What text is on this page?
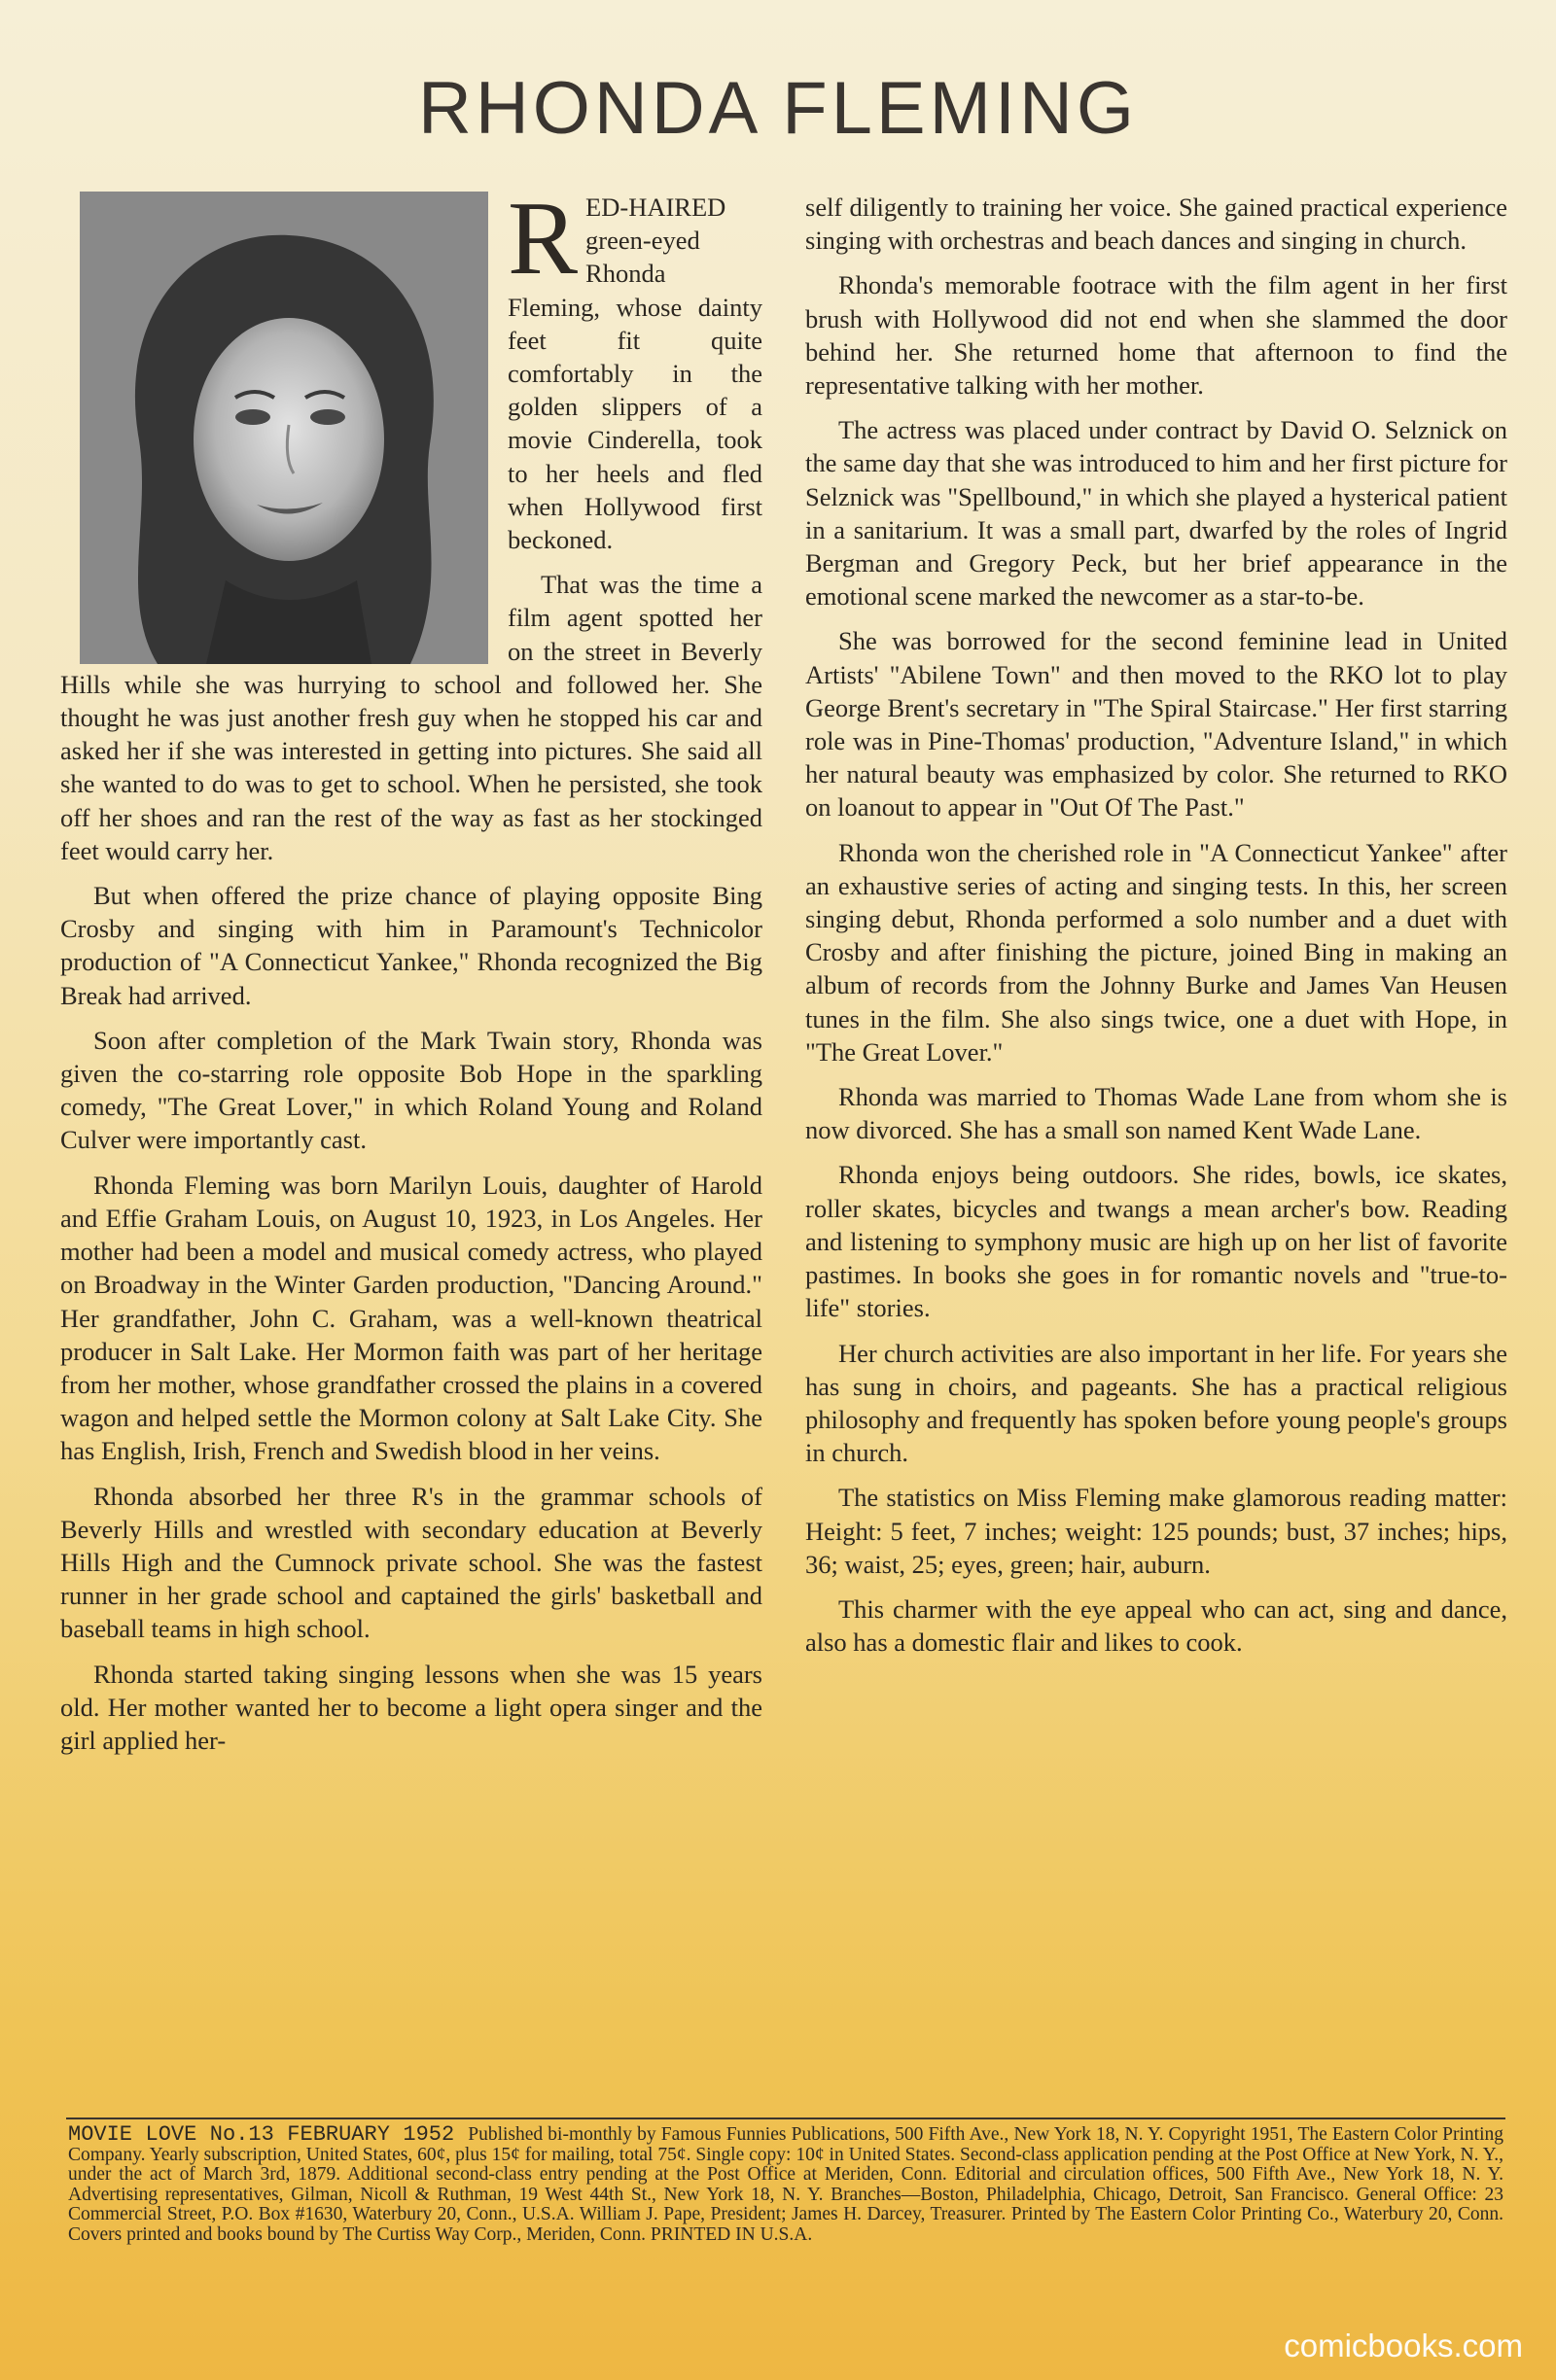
RHONDA FLEMING

RED-HAIRED green-eyed Rhonda Fleming, whose dainty feet fit quite comfortably in the golden slippers of a movie Cinderella, took to her heels and fled when Hollywood first beckoned.

That was the time a film agent spotted her on the street in Beverly Hills while she was hurrying to school and followed her. She thought he was just another fresh guy when he stopped his car and asked her if she was interested in getting into pictures. She said all she wanted to do was to get to school. When he persisted, she took off her shoes and ran the rest of the way as fast as her stockinged feet would carry her.

But when offered the prize chance of playing opposite Bing Crosby and singing with him in Paramount's Technicolor production of "A Connecticut Yankee," Rhonda recognized the Big Break had arrived.

Soon after completion of the Mark Twain story, Rhonda was given the co-starring role opposite Bob Hope in the sparkling comedy, "The Great Lover," in which Roland Young and Roland Culver were importantly cast.

Rhonda Fleming was born Marilyn Louis, daughter of Harold and Effie Graham Louis, on August 10, 1923, in Los Angeles. Her mother had been a model and musical comedy actress, who played on Broadway in the Winter Garden production, "Dancing Around." Her grandfather, John C. Graham, was a well-known theatrical producer in Salt Lake. Her Mormon faith was part of her heritage from her mother, whose grandfather crossed the plains in a covered wagon and helped settle the Mormon colony at Salt Lake City. She has English, Irish, French and Swedish blood in her veins.

Rhonda absorbed her three R's in the grammar schools of Beverly Hills and wrestled with secondary education at Beverly Hills High and the Cumnock private school. She was the fastest runner in her grade school and captained the girls' basketball and baseball teams in high school.

Rhonda started taking singing lessons when she was 15 years old. Her mother wanted her to become a light opera singer and the girl applied her-

self diligently to training her voice. She gained practical experience singing with orchestras and beach dances and singing in church.

Rhonda's memorable footrace with the film agent in her first brush with Hollywood did not end when she slammed the door behind her. She returned home that afternoon to find the representative talking with her mother.

The actress was placed under contract by David O. Selznick on the same day that she was introduced to him and her first picture for Selznick was "Spellbound," in which she played a hysterical patient in a sanitarium. It was a small part, dwarfed by the roles of Ingrid Bergman and Gregory Peck, but her brief appearance in the emotional scene marked the newcomer as a star-to-be.

She was borrowed for the second feminine lead in United Artists' "Abilene Town" and then moved to the RKO lot to play George Brent's secretary in "The Spiral Staircase." Her first starring role was in Pine-Thomas' production, "Adventure Island," in which her natural beauty was emphasized by color. She returned to RKO on loanout to appear in "Out Of The Past."

Rhonda won the cherished role in "A Connecticut Yankee" after an exhaustive series of acting and singing tests. In this, her screen singing debut, Rhonda performed a solo number and a duet with Crosby and after finishing the picture, joined Bing in making an album of records from the Johnny Burke and James Van Heusen tunes in the film. She also sings twice, one a duet with Hope, in "The Great Lover."

Rhonda was married to Thomas Wade Lane from whom she is now divorced. She has a small son named Kent Wade Lane.

Rhonda enjoys being outdoors. She rides, bowls, ice skates, roller skates, bicycles and twangs a mean archer's bow. Reading and listening to symphony music are high up on her list of favorite pastimes. In books she goes in for romantic novels and "true-to-life" stories.

Her church activities are also important in her life. For years she has sung in choirs, and pageants. She has a practical religious philosophy and frequently has spoken before young people's groups in church.

The statistics on Miss Fleming make glamorous reading matter: Height: 5 feet, 7 inches; weight: 125 pounds; bust, 37 inches; hips, 36; waist, 25; eyes, green; hair, auburn.

This charmer with the eye appeal who can act, sing and dance, also has a domestic flair and likes to cook.

MOVIE LOVE No.13 FEBRUARY 1952 Published bi-monthly by Famous Funnies Publications, 500 Fifth Ave., New York 18, N. Y. Copyright 1951, The Eastern Color Printing Company. Yearly subscription, United States, 60¢, plus 15¢ for mailing, total 75¢. Single copy: 10¢ in United States. Second-class application pending at the Post Office at New York, N. Y., under the act of March 3rd, 1879. Additional second-class entry pending at the Post Office at Meriden, Conn. Editorial and circulation offices, 500 Fifth Ave., New York 18, N. Y. Advertising representatives, Gilman, Nicoll & Ruthman, 19 West 44th St., New York 18, N. Y. Branches—Boston, Philadelphia, Chicago, Detroit, San Francisco. General Office: 23 Commercial Street, P.O. Box #1630, Waterbury 20, Conn., U.S.A. William J. Pape, President; James H. Darcey, Treasurer. Printed by The Eastern Color Printing Co., Waterbury 20, Conn. Covers printed and books bound by The Curtiss Way Corp., Meriden, Conn. PRINTED IN U.S.A.
comicbooks.com
